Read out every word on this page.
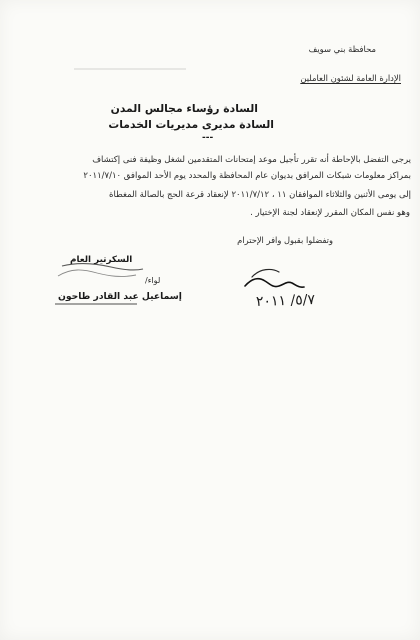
محافظة بني سويف
الإدارة العامة لشئون العاملين
السادة رؤساء مجالس المدن
السادة مديرى مديريات الخدمات
---
يرجى التفضل بالإحاطة أنه تقرر تأجيل موعد إمتحانات المتقدمين لشغل وظيفة فنى إكتشاف
بمراكز معلومات شبكات المرافق بديوان عام المحافظة والمحدد يوم الأحد الموافق ٢٠١١/٧/١٠
إلى يومى الأثنين والثلاثاء الموافقان ١١ ، ٢٠١١/٧/١٢ لإنعقاد قرعة الحج بالصالة المغطاة
وهو نفس المكان المقرر لإنعقاد لجنة الإختيار .
وتفضلوا بقبول وافر الإحترام
السكرتير العام
لواء/
إسماعيل عبد القادر طاحون	٥/٧/ ٢٠١١
